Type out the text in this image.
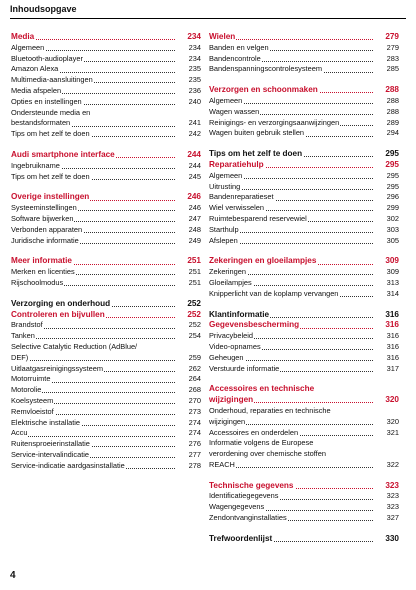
Inhoudsopgave
Media	234
Algemeen	234
Bluetooth-audioplayer	234
Amazon Alexa	235
Multimedia-aansluitingen	235
Media afspelen	236
Opties en instellingen	240
Ondersteunde media en
bestandsformaten	241
Tips om het zelf te doen	242
Audi smartphone interface	244
Ingebruikname	244
Tips om het zelf te doen	245
Overige instellingen	246
Systeeminstellingen	246
Software bijwerken	247
Verbonden apparaten	248
Juridische informatie	249
Meer informatie	251
Merken en licenties	251
Rijschoolmodus	251
Verzorging en onderhoud	252
Controleren en bijvullen	252
Brandstof	252
Tanken	254
Selective Catalytic Reduction (AdBlue/
DEF)	259
Uitlaatgasreinigingssysteem	262
Motorruimte	264
Motorolie	268
Koelsysteem	270
Remvloeistof	273
Elektrische installatie	274
Accu	274
Ruitensproeierinstallatie	276
Service-intervalindicatie	277
Service-indicatie aardgasinstallatie	278
Wielen	279
Banden en velgen	279
Bandencontrole	283
Bandenspanningscontrolesysteem	285
Verzorgen en schoonmaken	288
Algemeen	288
Wagen wassen	288
Reinigings- en verzorgingsaanwijzingen	289
Wagen buiten gebruik stellen	294
Tips om het zelf te doen	295
Reparatiehulp	295
Algemeen	295
Uitrusting	295
Bandenreparatieset	296
Wiel verwisselen	299
Ruimtebesparend reservewiel	302
Starthulp	303
Afslepen	305
Zekeringen en gloeilampjes	309
Zekeringen	309
Gloeilampjes	313
Knipperlicht van de koplamp vervangen	314
Klantinformatie	316
Gegevensbescherming	316
Privacybeleid	316
Video-opnames	316
Geheugen	316
Verstuurde informatie	317
Accessoires en technische
wijzigingen	320
Onderhoud, reparaties en technische
wijzigingen	320
Accessoires en onderdelen	321
Informatie volgens de Europese
verordening over chemische stoffen
REACH	322
Technische gegevens	323
Identificatiegegevens	323
Wagengegevens	323
Zendontvanginstallaties	327
Trefwoordenlijst	330
4
